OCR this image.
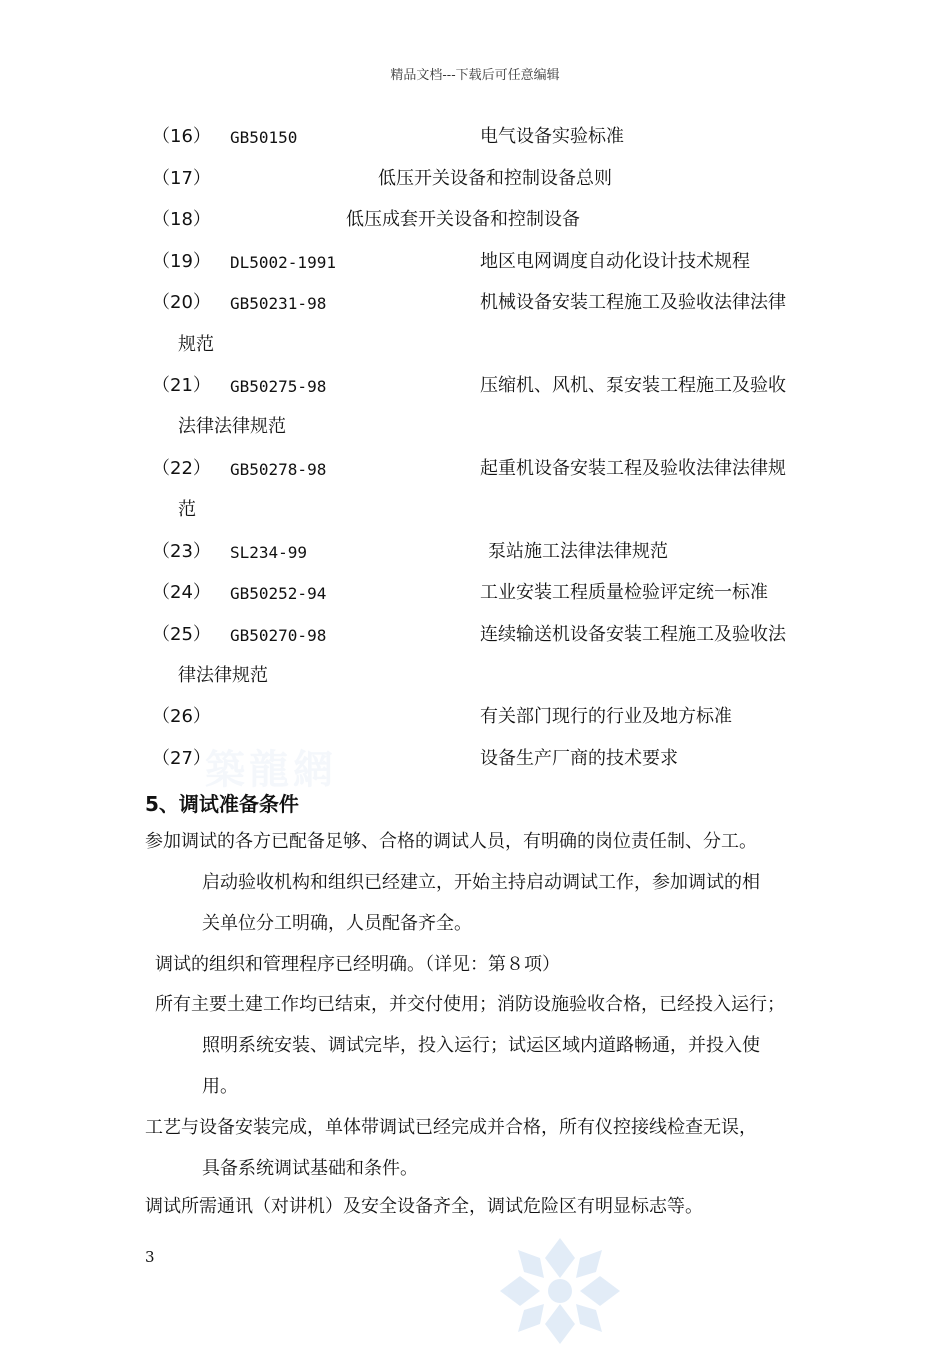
精品文档---下载后可任意编辑
築龍網
（16） GB50150	电气设备实验标准
（17）	低压开关设备和控制设备总则
（18）	低压成套开关设备和控制设备
（19） DL5002-1991	地区电网调度自动化设计技术规程
（20） GB50231-98	机械设备安装工程施工及验收法律法律
规范
（21） GB50275-98	压缩机、风机、泵安装工程施工及验收
法律法律规范
（22） GB50278-98	起重机设备安装工程及验收法律法律规
范
（23） SL234-99	泵站施工法律法律规范
（24） GB50252-94	工业安装工程质量检验评定统一标准
（25） GB50270-98	连续输送机设备安装工程施工及验收法
律法律规范
（26）	有关部门现行的行业及地方标准
（27）	设备生产厂商的技术要求
5、调试准备条件
参加调试的各方已配备足够、合格的调试人员，有明确的岗位责任制、分工。
启动验收机构和组织已经建立，开始主持启动调试工作，参加调试的相
关单位分工明确，人员配备齐全。
调试的组织和管理程序已经明确。（详见：第８项）
所有主要土建工作均已结束，并交付使用；消防设施验收合格，已经投入运行；
照明系统安装、调试完毕，投入运行；试运区域内道路畅通，并投入使
用。
工艺与设备安装完成，单体带调试已经完成并合格，所有仪控接线检查无误，
具备系统调试基础和条件。
调试所需通讯（对讲机）及安全设备齐全，调试危险区有明显标志等。
3
